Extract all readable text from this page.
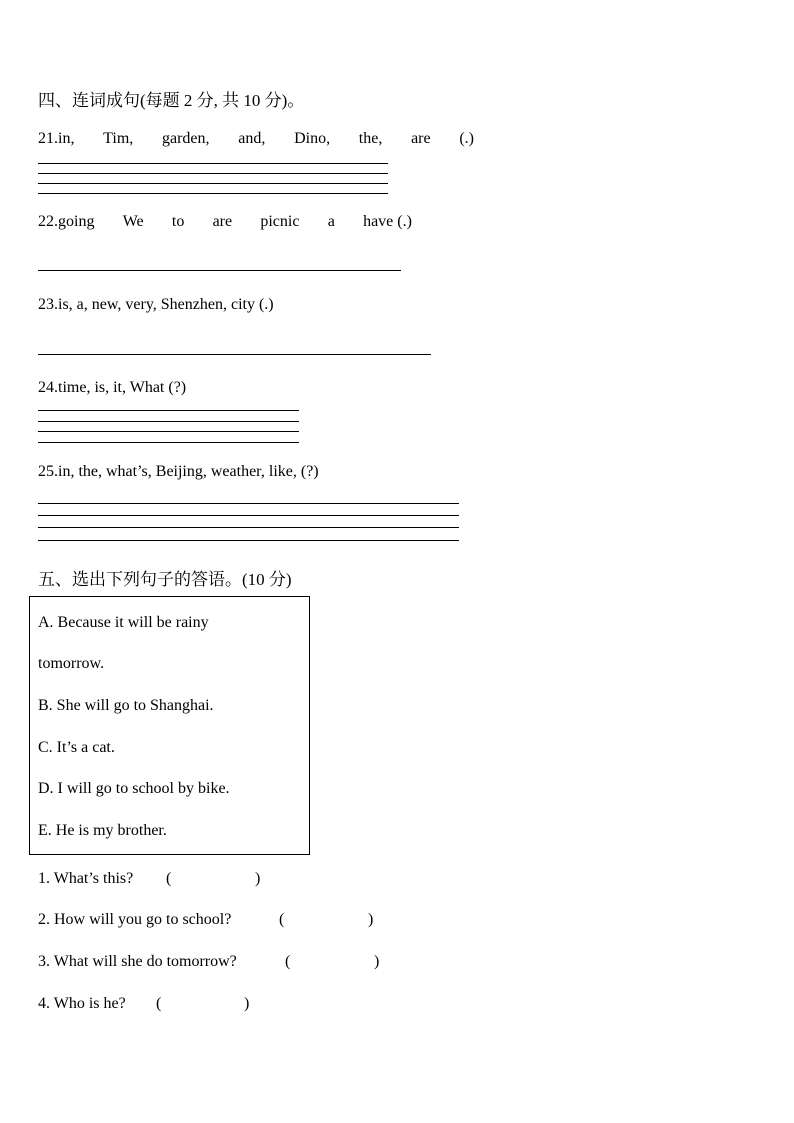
四、连词成句(每题 2 分, 共 10 分)。
21.in, Tim, garden, and, Dino, the, are (.)
22.going We to are picnic a have (.)
23. is, a, new, very, Shenzhen, city (.)
24. time, is, it, What (?)
25. in, the, what’s, Beijing, weather, like, (?)
五、选出下列句子的答语。(10 分)
A. Because it will be rainy
tomorrow.
B. She will go to Shanghai.
C. It’s a cat.
D. I will go to school by bike.
E. He is my brother.
1. What’s this? (	)
2. How will you go to school?	(	)
3. What will she do tomorrow?	(	)
4. Who is he? (	)
